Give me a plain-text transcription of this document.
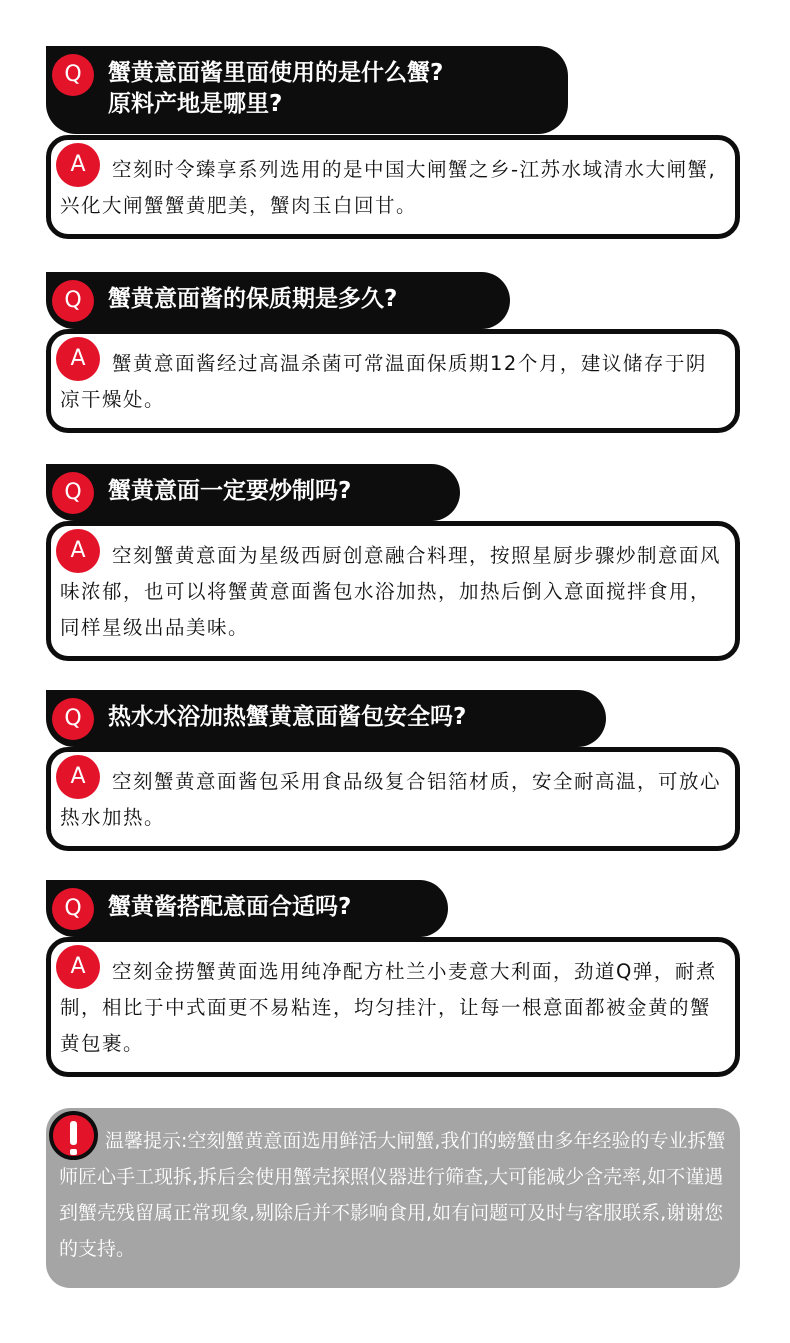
Q	蟹黄意面酱里面使用的是什么蟹?
原料产地是哪里?
A	空刻时令臻享系列选用的是中国大闸蟹之乡-江苏水域清水大闸蟹,兴化大闸蟹蟹黄肥美，蟹肉玉白回甘。

Q	蟹黄意面酱的保质期是多久?
A	蟹黄意面酱经过高温杀菌可常温面保质期12个月，建议储存于阴凉干燥处。

Q	蟹黄意面一定要炒制吗?
A	空刻蟹黄意面为星级西厨创意融合料理，按照星厨步骤炒制意面风味浓郁，也可以将蟹黄意面酱包水浴加热，加热后倒入意面搅拌食用，同样星级出品美味。

Q	热水水浴加热蟹黄意面酱包安全吗?
A	空刻蟹黄意面酱包采用食品级复合铝箔材质，安全耐高温，可放心热水加热。

Q	蟹黄酱搭配意面合适吗?
A	空刻金捞蟹黄面选用纯净配方杜兰小麦意大利面，劲道Q弹，耐煮制，相比于中式面更不易粘连，均匀挂汁，让每一根意面都被金黄的蟹黄包裹。

温馨提示:空刻蟹黄意面选用鲜活大闸蟹,我们的螃蟹由多年经验的专业拆蟹师匠心手工现拆,拆后会使用蟹壳探照仪器进行筛查,大可能减少含壳率,如不谨遇到蟹壳残留属正常现象,剔除后并不影响食用,如有问题可及时与客服联系,谢谢您的支持。
